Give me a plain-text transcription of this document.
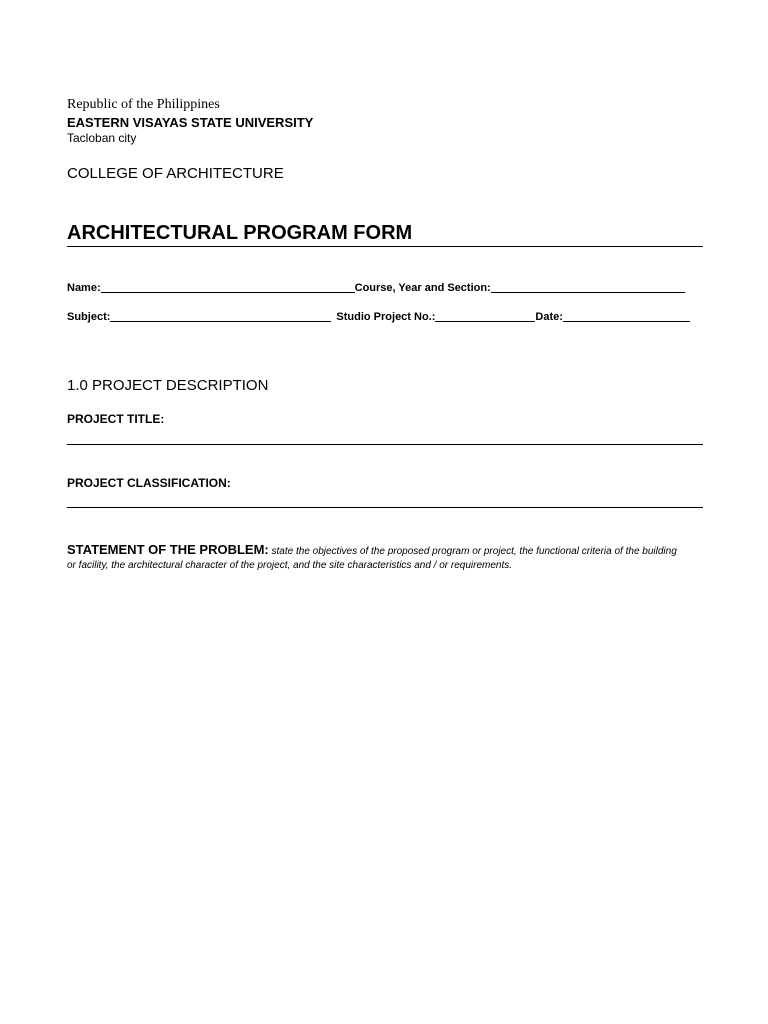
Republic of the Philippines
EASTERN VISAYAS STATE UNIVERSITY
Tacloban city
COLLEGE OF ARCHITECTURE
ARCHITECTURAL PROGRAM FORM
Name:	Course, Year and Section:
Subject:	Studio Project No.:	Date:
1.0 PROJECT DESCRIPTION
PROJECT TITLE:
PROJECT CLASSIFICATION:
STATEMENT OF THE PROBLEM: state the objectives of the proposed program or project, the functional criteria of the building or facility, the architectural character of the project, and the site characteristics and / or requirements.
